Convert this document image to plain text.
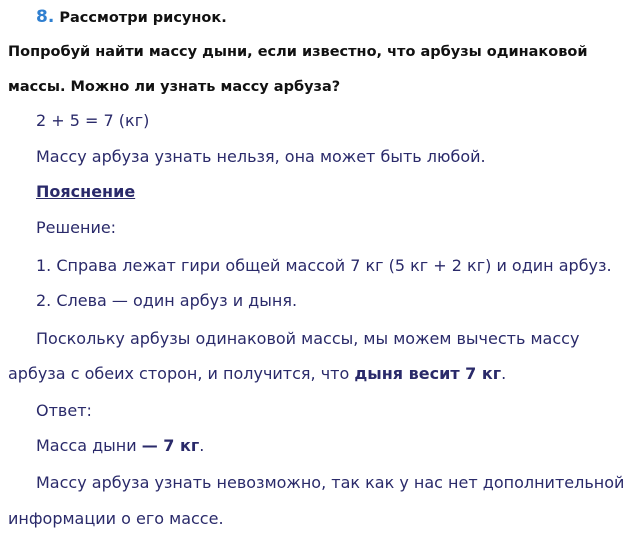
8. Рассмотри рисунок.
Попробуй найти массу дыни, если известно, что арбузы одинаковой
массы. Можно ли узнать массу арбуза?
2 + 5 = 7 (кг)
Массу арбуза узнать нельзя, она может быть любой.
Пояснение
Решение:
1. Справа лежат гири общей массой 7 кг (5 кг + 2 кг) и один арбуз.
2. Слева — один арбуз и дыня.
Поскольку арбузы одинаковой массы, мы можем вычесть массу
арбуза с обеих сторон, и получится, что дыня весит 7 кг.
Ответ:
Масса дыни — 7 кг.
Массу арбуза узнать невозможно, так как у нас нет дополнительной
информации о его массе.
